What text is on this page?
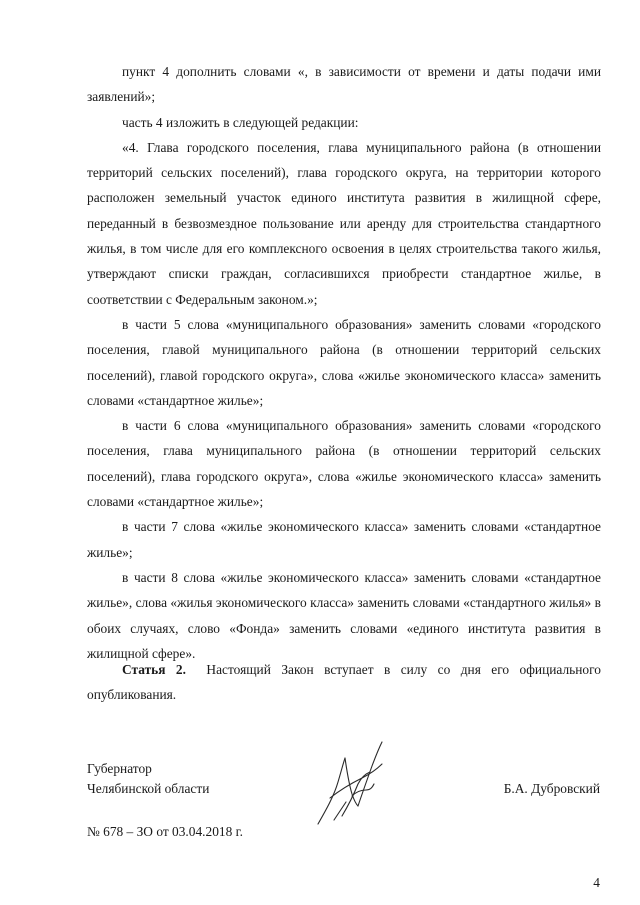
пункт 4 дополнить словами «, в зависимости от времени и даты подачи ими заявлений»;

часть 4 изложить в следующей редакции:

«4. Глава городского поселения, глава муниципального района (в отношении территорий сельских поселений), глава городского округа, на территории которого расположен земельный участок единого института развития в жилищной сфере, переданный в безвозмездное пользование или аренду для строительства стандартного жилья, в том числе для его комплексного освоения в целях строительства такого жилья, утверждают списки граждан, согласившихся приобрести стандартное жилье, в соответствии с Федеральным законом.»;

в части 5 слова «муниципального образования» заменить словами «городского поселения, главой муниципального района (в отношении территорий сельских поселений), главой городского округа», слова «жилье экономического класса» заменить словами «стандартное жилье»;

в части 6 слова «муниципального образования» заменить словами «городского поселения, глава муниципального района (в отношении территорий сельских поселений), глава городского округа», слова «жилье экономического класса» заменить словами «стандартное жилье»;

в части 7 слова «жилье экономического класса» заменить словами «стандартное жилье»;

в части 8 слова «жилье экономического класса» заменить словами «стандартное жилье», слова «жилья экономического класса» заменить словами «стандартного жилья» в обоих случаях, слово «Фонда» заменить словами «единого института развития в жилищной сфере».

Статья 2. Настоящий Закон вступает в силу со дня его официального опубликования.
Губернатор
Челябинской области	Б.А. Дубровский
№ 678 – ЗО от 03.04.2018 г.
4
